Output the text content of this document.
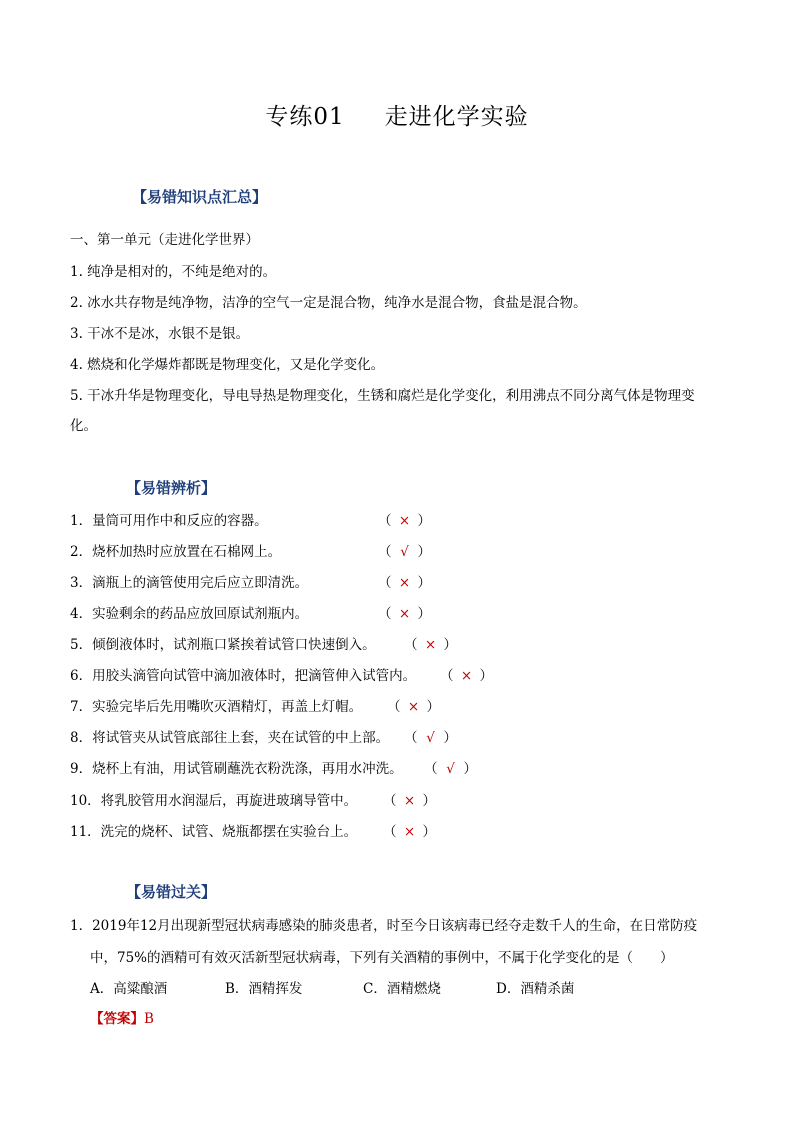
专练01 走进化学实验
【易错知识点汇总】
一、第一单元（走进化学世界）
1. 纯净是相对的，不纯是绝对的。
2. 冰水共存物是纯净物，洁净的空气一定是混合物，纯净水是混合物，食盐是混合物。
3. 干冰不是冰，水银不是银。
4. 燃烧和化学爆炸都既是物理变化，又是化学变化。
5. 干冰升华是物理变化，导电导热是物理变化，生锈和腐烂是化学变化，利用沸点不同分离气体是物理变
化。
【易错辨析】
1．量筒可用作中和反应的容器。	（ × ）
2．烧杯加热时应放置在石棉网上。	（ √ ）
3．滴瓶上的滴管使用完后应立即清洗。	（ × ）
4．实验剩余的药品应放回原试剂瓶内。	（ × ）
5．倾倒液体时，试剂瓶口紧挨着试管口快速倒入。 （ × ）
6．用胶头滴管向试管中滴加液体时，把滴管伸入试管内。 （ × ）
7．实验完毕后先用嘴吹灭酒精灯，再盖上灯帽。 （ × ）
8．将试管夹从试管底部往上套，夹在试管的中上部。 （ √ ）
9．烧杯上有油，用试管刷蘸洗衣粉洗涤，再用水冲洗。 （ √ ）
10．将乳胶管用水润湿后，再旋进玻璃导管中。 （ × ）
11．洗完的烧杯、试管、烧瓶都摆在实验台上。 （ × ）
【易错过关】
1．2019年12月出现新型冠状病毒感染的肺炎患者，时至今日该病毒已经夺走数千人的生命，在日常防疫
中，75%的酒精可有效灭活新型冠状病毒，下列有关酒精的事例中，不属于化学变化的是（　　）
A．高粱酿酒	B．酒精挥发	C．酒精燃烧	D．酒精杀菌
【答案】B
